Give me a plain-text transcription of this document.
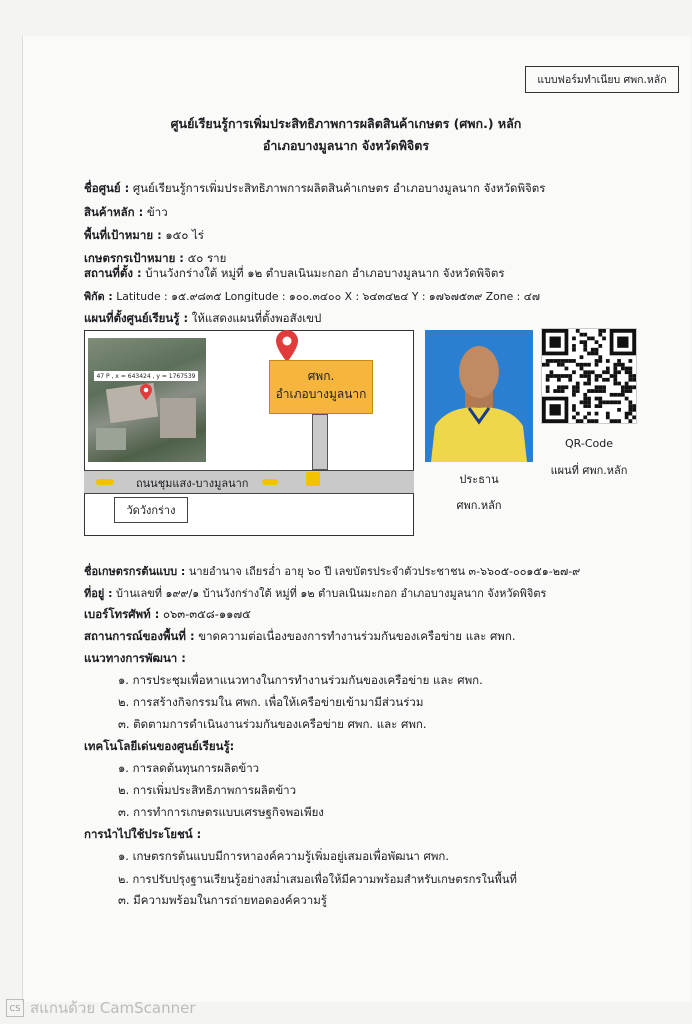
แบบฟอร์มทำเนียบ ศพก.หลัก
ศูนย์เรียนรู้การเพิ่มประสิทธิภาพการผลิตสินค้าเกษตร (ศพก.) หลัก
อำเภอบางมูลนาก จังหวัดพิจิตร
ชื่อศูนย์ : ศูนย์เรียนรู้การเพิ่มประสิทธิภาพการผลิตสินค้าเกษตร อำเภอบางมูลนาก จังหวัดพิจิตร
สินค้าหลัก : ข้าว
พื้นที่เป้าหมาย : ๑๕๐ ไร่
เกษตรกรเป้าหมาย : ๕๐ ราย
สถานที่ตั้ง : บ้านวังกร่างใต้ หมู่ที่ ๑๒ ตำบลเนินมะกอก อำเภอบางมูลนาก จังหวัดพิจิตร
พิกัด : Latitude : ๑๕.๙๘๓๕ Longitude : ๑๐๐.๓๔๐๐ X : ๖๔๓๔๒๔ Y : ๑๗๖๗๕๓๙ Zone : ๔๗
แผนที่ตั้งศูนย์เรียนรู้ : ให้แสดงแผนที่ตั้งพอสังเขป
47 P , x = 643424 , y = 1767539	ศพก.
อำเภอบางมูลนาก
ถนนชุมแสง-บางมูลนาก
วัดวังกร่าง
ประธาน
ศพก.หลัก
QR-Code
แผนที่ ศพก.หลัก
ชื่อเกษตรกรต้นแบบ : นายอำนาจ เถียรอ่ำ อายุ ๖๐ ปี เลขบัตรประจำตัวประชาชน ๓-๖๖๐๕-๐๐๑๕๑-๒๗-๙
ที่อยู่ : บ้านเลขที่ ๑๙๙/๑ บ้านวังกร่างใต้ หมู่ที่ ๑๒ ตำบลเนินมะกอก อำเภอบางมูลนาก จังหวัดพิจิตร
เบอร์โทรศัพท์ : ๐๖๓-๓๕๘-๑๑๗๕
สถานการณ์ของพื้นที่ : ขาดความต่อเนื่องของการทำงานร่วมกันของเครือข่าย และ ศพก.
แนวทางการพัฒนา :
๑. การประชุมเพื่อหาแนวทางในการทำงานร่วมกันของเครือข่าย และ ศพก.
๒. การสร้างกิจกรรมใน ศพก. เพื่อให้เครือข่ายเข้ามามีส่วนร่วม
๓. ติดตามการดำเนินงานร่วมกันของเครือข่าย ศพก. และ ศพก.
เทคโนโลยีเด่นของศูนย์เรียนรู้:
๑. การลดต้นทุนการผลิตข้าว
๒. การเพิ่มประสิทธิภาพการผลิตข้าว
๓. การทำการเกษตรแบบเศรษฐกิจพอเพียง
การนำไปใช้ประโยชน์ :
๑. เกษตรกรต้นแบบมีการหาองค์ความรู้เพิ่มอยู่เสมอเพื่อพัฒนา ศพก.
๒. การปรับปรุงฐานเรียนรู้อย่างสม่ำเสมอเพื่อให้มีความพร้อมสำหรับเกษตรกรในพื้นที่
๓. มีความพร้อมในการถ่ายทอดองค์ความรู้
CS สแกนด้วย CamScanner
